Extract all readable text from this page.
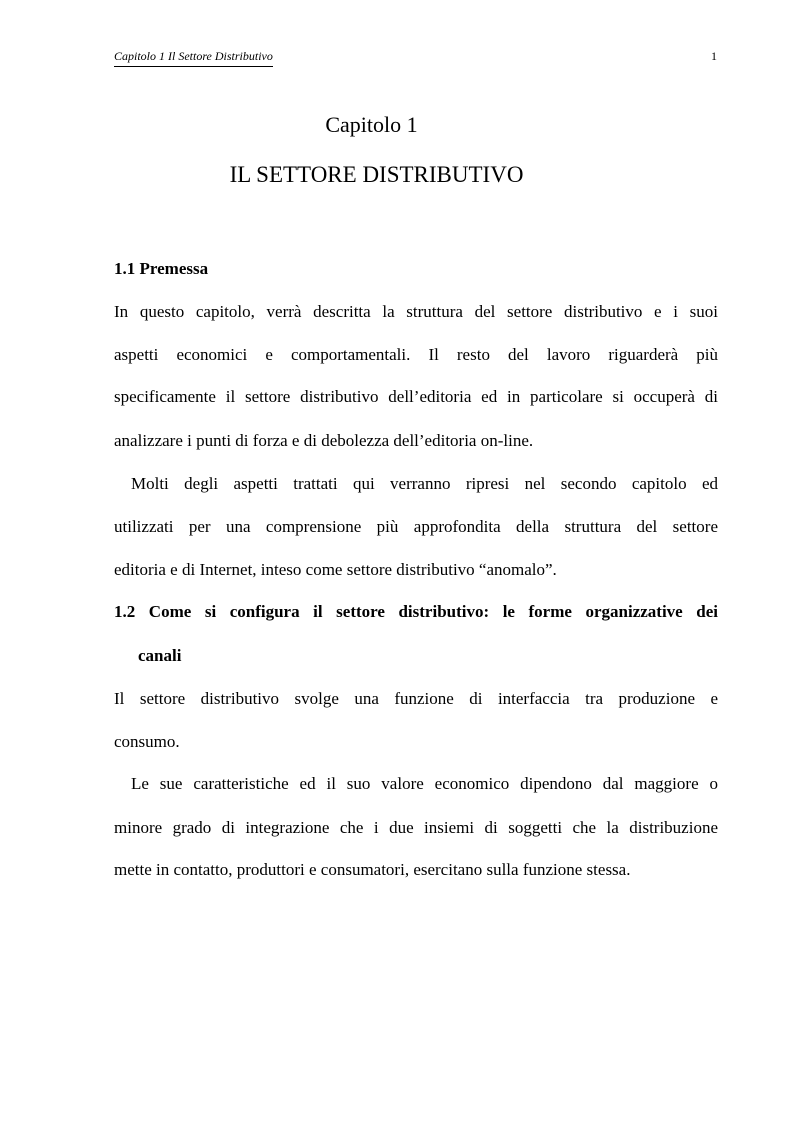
Capitolo 1 Il Settore Distributivo	1
Capitolo 1
IL SETTORE DISTRIBUTIVO
1.1 Premessa
In questo capitolo, verrà descritta la struttura del settore distributivo e i suoi
aspetti economici e comportamentali. Il resto del lavoro riguarderà più
specificamente il settore distributivo dell’editoria ed in particolare si occuperà di
analizzare i punti di forza e di debolezza dell’editoria on-line.
Molti degli aspetti trattati qui verranno ripresi nel secondo capitolo ed
utilizzati per una comprensione più approfondita della struttura del settore
editoria e di Internet, inteso come settore distributivo “anomalo”.
1.2 Come si configura il settore distributivo: le forme organizzative dei
canali
Il settore distributivo svolge una funzione di interfaccia tra produzione e
consumo.
Le sue caratteristiche ed il suo valore economico dipendono dal maggiore o
minore grado di integrazione che i due insiemi di soggetti che la distribuzione
mette in contatto, produttori e consumatori, esercitano sulla funzione stessa.
